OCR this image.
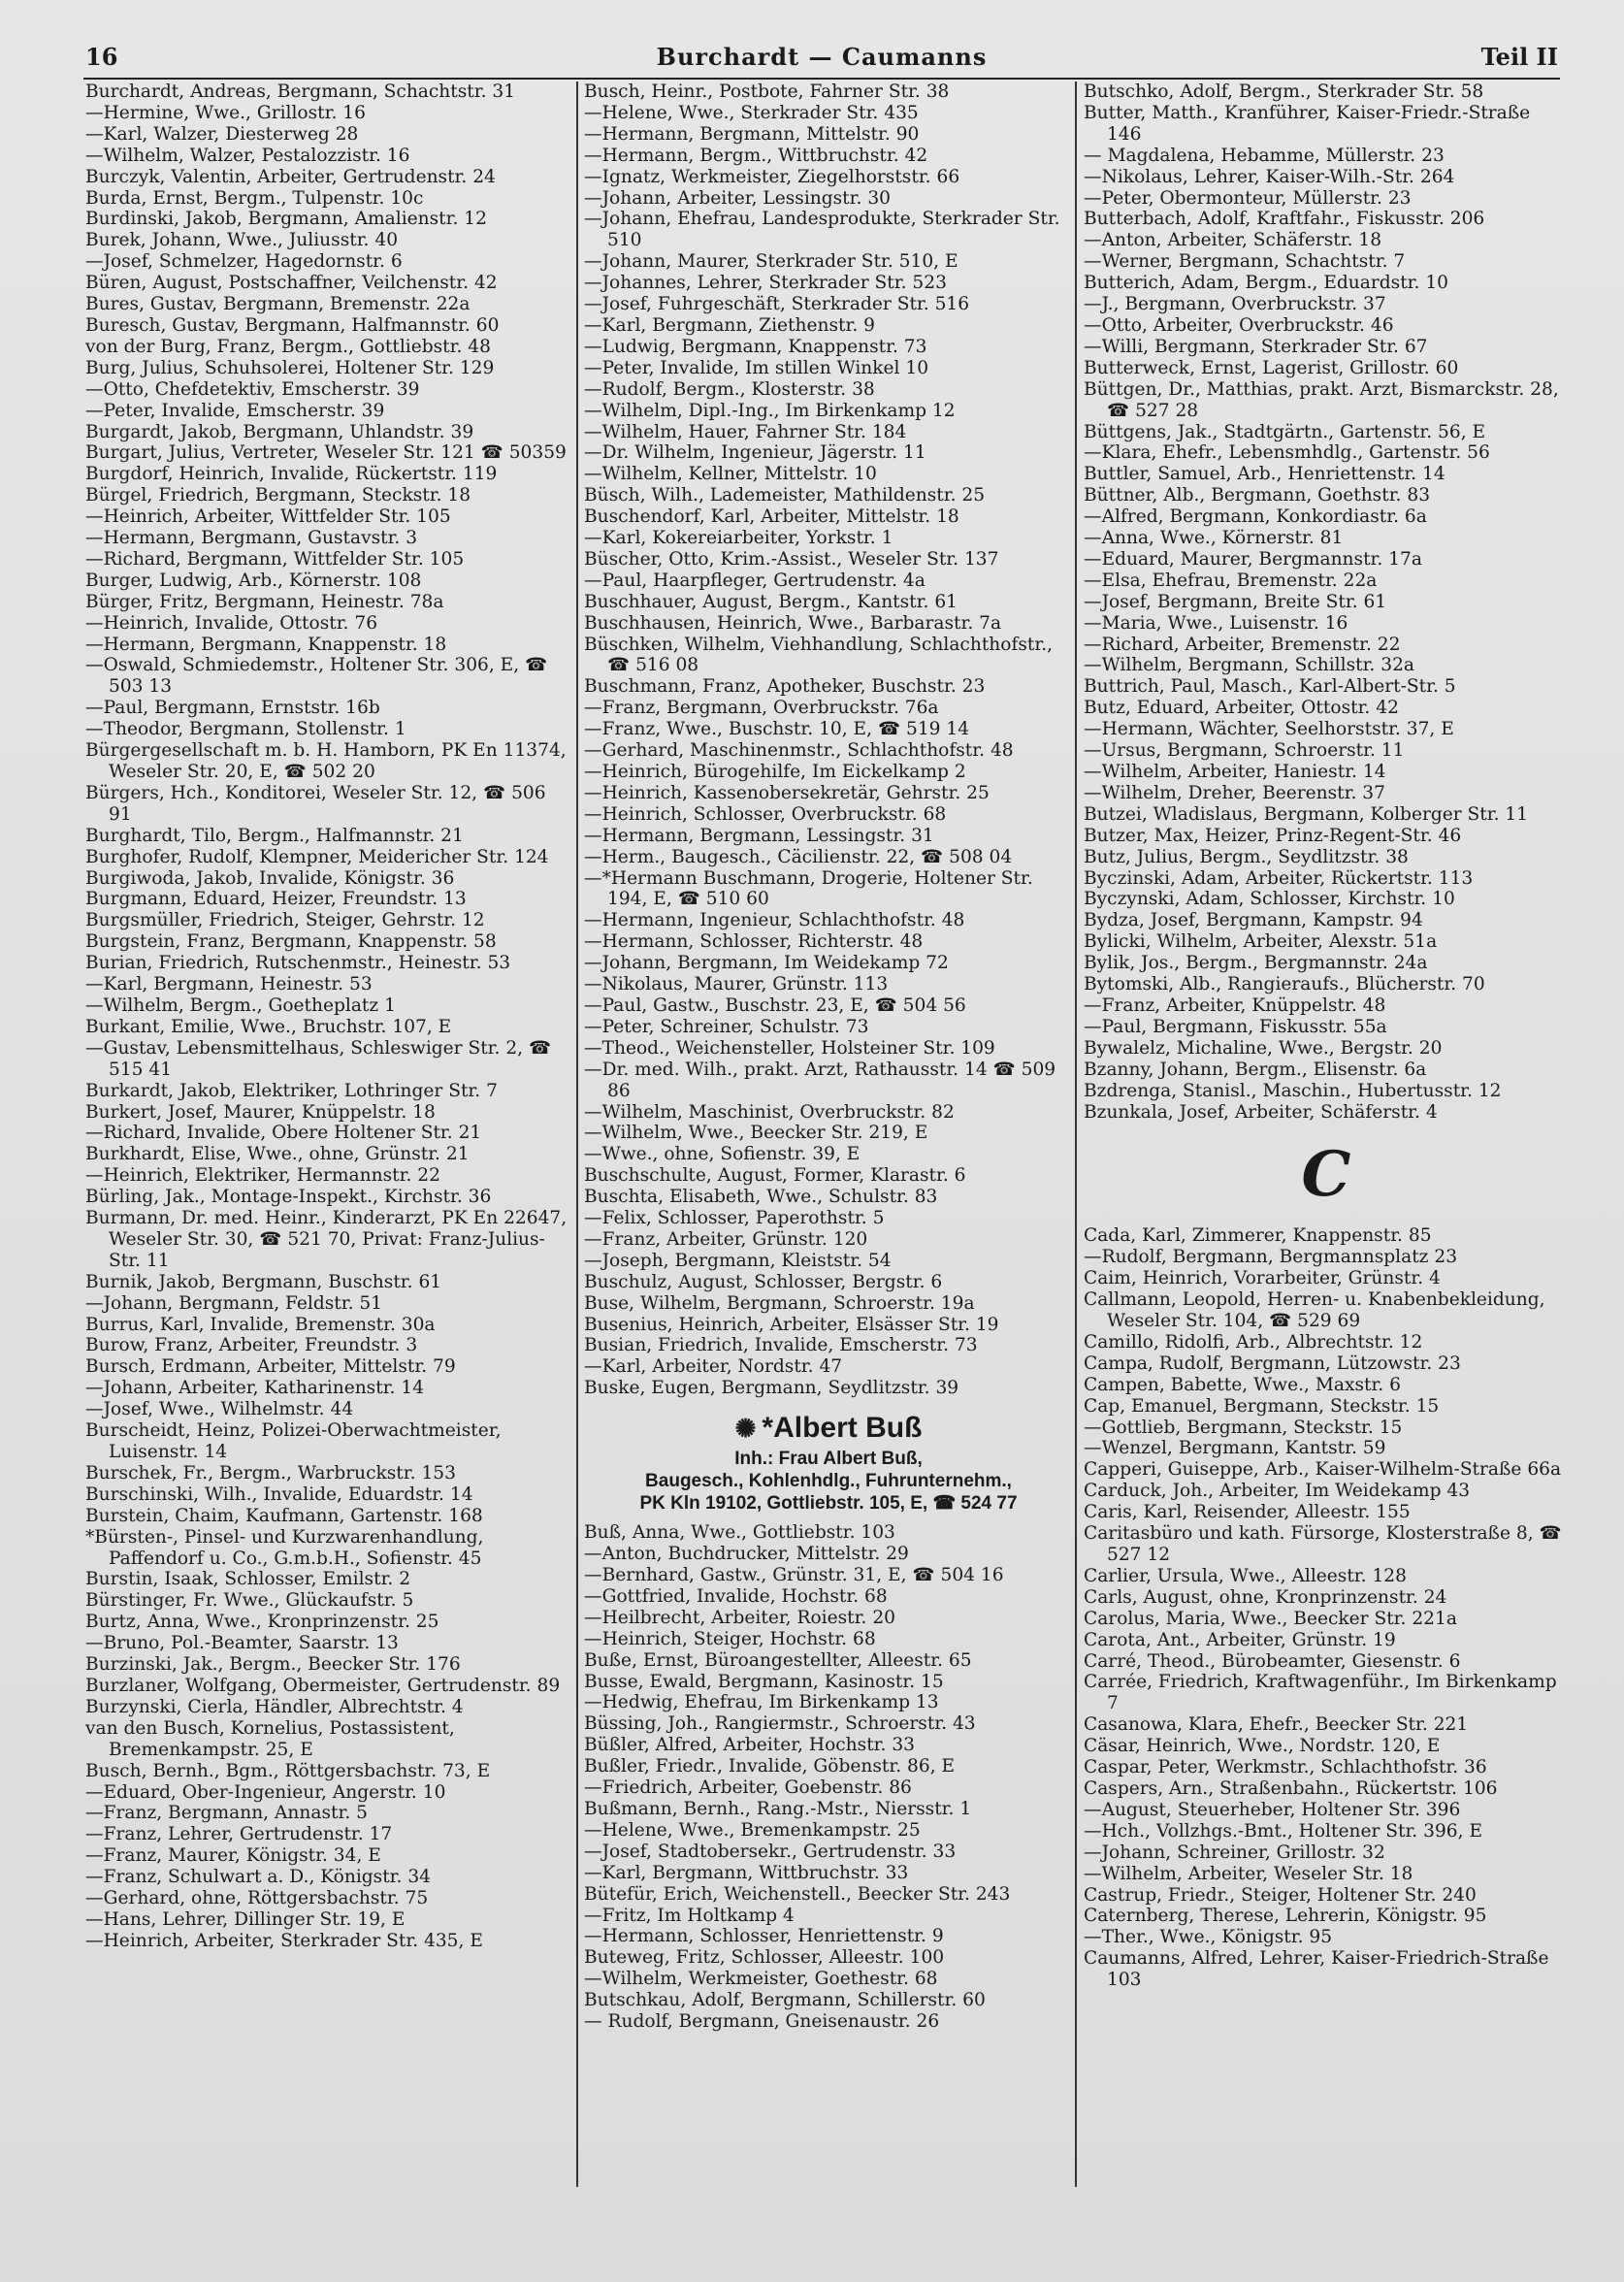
16	Burchardt — Caumanns	Teil II

Burchardt, Andreas, Bergmann, Schachtstr. 31

—Hermine, Wwe., Grillostr. 16

—Karl, Walzer, Diesterweg 28

—Wilhelm, Walzer, Pestalozzistr. 16

Burczyk, Valentin, Arbeiter, Gertrudenstr. 24

Burda, Ernst, Bergm., Tulpenstr. 10c

Burdinski, Jakob, Bergmann, Amalienstr. 12

Burek, Johann, Wwe., Juliusstr. 40

—Josef, Schmelzer, Hagedornstr. 6

Büren, August, Postschaffner, Veilchenstr. 42

Bures, Gustav, Bergmann, Bremenstr. 22a

Buresch, Gustav, Bergmann, Halfmannstr. 60

von der Burg, Franz, Bergm., Gottliebstr. 48

Burg, Julius, Schuhsolerei, Holtener Str. 129

—Otto, Chefdetektiv, Emscherstr. 39

—Peter, Invalide, Emscherstr. 39

Burgardt, Jakob, Bergmann, Uhlandstr. 39

Burgart, Julius, Vertreter, Weseler Str. 121 ☎ 50359

Burgdorf, Heinrich, Invalide, Rückertstr. 119

Bürgel, Friedrich, Bergmann, Steckstr. 18

—Heinrich, Arbeiter, Wittfelder Str. 105

—Hermann, Bergmann, Gustavstr. 3

—Richard, Bergmann, Wittfelder Str. 105

Burger, Ludwig, Arb., Körnerstr. 108

Bürger, Fritz, Bergmann, Heinestr. 78a

—Heinrich, Invalide, Ottostr. 76

—Hermann, Bergmann, Knappenstr. 18

—Oswald, Schmiedemstr., Holtener Str. 306, E, ☎ 503 13

—Paul, Bergmann, Ernststr. 16b

—Theodor, Bergmann, Stollenstr. 1

Bürgergesellschaft m. b. H. Hamborn, PK En 11374, Weseler Str. 20, E, ☎ 502 20

Bürgers, Hch., Konditorei, Weseler Str. 12, ☎ 506 91

Burghardt, Tilo, Bergm., Halfmannstr. 21

Burghofer, Rudolf, Klempner, Meidericher Str. 124

Burgiwoda, Jakob, Invalide, Königstr. 36

Burgmann, Eduard, Heizer, Freundstr. 13

Burgsmüller, Friedrich, Steiger, Gehrstr. 12

Burgstein, Franz, Bergmann, Knappenstr. 58

Burian, Friedrich, Rutschenmstr., Heinestr. 53

—Karl, Bergmann, Heinestr. 53

—Wilhelm, Bergm., Goetheplatz 1

Burkant, Emilie, Wwe., Bruchstr. 107, E

—Gustav, Lebensmittelhaus, Schleswiger Str. 2, ☎ 515 41

Burkardt, Jakob, Elektriker, Lothringer Str. 7

Burkert, Josef, Maurer, Knüppelstr. 18

—Richard, Invalide, Obere Holtener Str. 21

Burkhardt, Elise, Wwe., ohne, Grünstr. 21

—Heinrich, Elektriker, Hermannstr. 22

Bürling, Jak., Montage-Inspekt., Kirchstr. 36

Burmann, Dr. med. Heinr., Kinderarzt, PK En 22647, Weseler Str. 30, ☎ 521 70, Privat: Franz-Julius-Str. 11

Burnik, Jakob, Bergmann, Buschstr. 61

—Johann, Bergmann, Feldstr. 51

Burrus, Karl, Invalide, Bremenstr. 30a

Burow, Franz, Arbeiter, Freundstr. 3

Bursch, Erdmann, Arbeiter, Mittelstr. 79

—Johann, Arbeiter, Katharinenstr. 14

—Josef, Wwe., Wilhelmstr. 44

Burscheidt, Heinz, Polizei-Oberwachtmeister, Luisenstr. 14

Burschek, Fr., Bergm., Warbruckstr. 153

Burschinski, Wilh., Invalide, Eduardstr. 14

Burstein, Chaim, Kaufmann, Gartenstr. 168

*Bürsten-, Pinsel- und Kurzwarenhandlung, Paffendorf u. Co., G.m.b.H., Sofienstr. 45

Burstin, Isaak, Schlosser, Emilstr. 2

Bürstinger, Fr. Wwe., Glückaufstr. 5

Burtz, Anna, Wwe., Kronprinzenstr. 25

—Bruno, Pol.-Beamter, Saarstr. 13

Burzinski, Jak., Bergm., Beecker Str. 176

Burzlaner, Wolfgang, Obermeister, Gertrudenstr. 89

Burzynski, Cierla, Händler, Albrechtstr. 4

van den Busch, Kornelius, Postassistent, Bremenkampstr. 25, E

Busch, Bernh., Bgm., Röttgersbachstr. 73, E

—Eduard, Ober-Ingenieur, Angerstr. 10

—Franz, Bergmann, Annastr. 5

—Franz, Lehrer, Gertrudenstr. 17

—Franz, Maurer, Königstr. 34, E

—Franz, Schulwart a. D., Königstr. 34

—Gerhard, ohne, Röttgersbachstr. 75

—Hans, Lehrer, Dillinger Str. 19, E

—Heinrich, Arbeiter, Sterkrader Str. 435, E

Busch, Heinr., Postbote, Fahrner Str. 38

—Helene, Wwe., Sterkrader Str. 435

—Hermann, Bergmann, Mittelstr. 90

—Hermann, Bergm., Wittbruchstr. 42

—Ignatz, Werkmeister, Ziegelhorststr. 66

—Johann, Arbeiter, Lessingstr. 30

—Johann, Ehefrau, Landesprodukte, Sterkrader Str. 510

—Johann, Maurer, Sterkrader Str. 510, E

—Johannes, Lehrer, Sterkrader Str. 523

—Josef, Fuhrgeschäft, Sterkrader Str. 516

—Karl, Bergmann, Ziethenstr. 9

—Ludwig, Bergmann, Knappenstr. 73

—Peter, Invalide, Im stillen Winkel 10

—Rudolf, Bergm., Klosterstr. 38

—Wilhelm, Dipl.-Ing., Im Birkenkamp 12

—Wilhelm, Hauer, Fahrner Str. 184

—Dr. Wilhelm, Ingenieur, Jägerstr. 11

—Wilhelm, Kellner, Mittelstr. 10

Büsch, Wilh., Lademeister, Mathildenstr. 25

Buschendorf, Karl, Arbeiter, Mittelstr. 18

—Karl, Kokereiarbeiter, Yorkstr. 1

Büscher, Otto, Krim.-Assist., Weseler Str. 137

—Paul, Haarpfleger, Gertrudenstr. 4a

Buschhauer, August, Bergm., Kantstr. 61

Buschhausen, Heinrich, Wwe., Barbarastr. 7a

Büschken, Wilhelm, Viehhandlung, Schlachthofstr., ☎ 516 08

Buschmann, Franz, Apotheker, Buschstr. 23

—Franz, Bergmann, Overbruckstr. 76a

—Franz, Wwe., Buschstr. 10, E, ☎ 519 14

—Gerhard, Maschinenmstr., Schlachthofstr. 48

—Heinrich, Bürogehilfe, Im Eickelkamp 2

—Heinrich, Kassenobersekretär, Gehrstr. 25

—Heinrich, Schlosser, Overbruckstr. 68

—Hermann, Bergmann, Lessingstr. 31

—Herm., Baugesch., Cäcilienstr. 22, ☎ 508 04

—*Hermann Buschmann, Drogerie, Holtener Str. 194, E, ☎ 510 60

—Hermann, Ingenieur, Schlachthofstr. 48

—Hermann, Schlosser, Richterstr. 48

—Johann, Bergmann, Im Weidekamp 72

—Nikolaus, Maurer, Grünstr. 113

—Paul, Gastw., Buschstr. 23, E, ☎ 504 56

—Peter, Schreiner, Schulstr. 73

—Theod., Weichensteller, Holsteiner Str. 109

—Dr. med. Wilh., prakt. Arzt, Rathausstr. 14 ☎ 509 86

—Wilhelm, Maschinist, Overbruckstr. 82

—Wilhelm, Wwe., Beecker Str. 219, E

—Wwe., ohne, Sofienstr. 39, E

Buschschulte, August, Former, Klarastr. 6

Buschta, Elisabeth, Wwe., Schulstr. 83

—Felix, Schlosser, Paperothstr. 5

—Franz, Arbeiter, Grünstr. 120

—Joseph, Bergmann, Kleiststr. 54

Buschulz, August, Schlosser, Bergstr. 6

Buse, Wilhelm, Bergmann, Schroerstr. 19a

Busenius, Heinrich, Arbeiter, Elsässer Str. 19

Busian, Friedrich, Invalide, Emscherstr. 73

—Karl, Arbeiter, Nordstr. 47

Buske, Eugen, Bergmann, Seydlitzstr. 39

✺ *Albert Buß
Inh.: Frau Albert Buß,
Baugesch., Kohlenhdlg., Fuhrunternehm.,
PK Kln 19102, Gottliebstr. 105, E, ☎ 524 77

Buß, Anna, Wwe., Gottliebstr. 103

—Anton, Buchdrucker, Mittelstr. 29

—Bernhard, Gastw., Grünstr. 31, E, ☎ 504 16

—Gottfried, Invalide, Hochstr. 68

—Heilbrecht, Arbeiter, Roiestr. 20

—Heinrich, Steiger, Hochstr. 68

Buße, Ernst, Büroangestellter, Alleestr. 65

Busse, Ewald, Bergmann, Kasinostr. 15

—Hedwig, Ehefrau, Im Birkenkamp 13

Büssing, Joh., Rangiermstr., Schroerstr. 43

Büßler, Alfred, Arbeiter, Hochstr. 33

Bußler, Friedr., Invalide, Göbenstr. 86, E

—Friedrich, Arbeiter, Goebenstr. 86

Bußmann, Bernh., Rang.-Mstr., Niersstr. 1

—Helene, Wwe., Bremenkampstr. 25

—Josef, Stadtobersekr., Gertrudenstr. 33

—Karl, Bergmann, Wittbruchstr. 33

Bütefür, Erich, Weichenstell., Beecker Str. 243

—Fritz, Im Holtkamp 4

—Hermann, Schlosser, Henriettenstr. 9

Buteweg, Fritz, Schlosser, Alleestr. 100

—Wilhelm, Werkmeister, Goethestr. 68

Butschkau, Adolf, Bergmann, Schillerstr. 60

— Rudolf, Bergmann, Gneisenaustr. 26

Butschko, Adolf, Bergm., Sterkrader Str. 58

Butter, Matth., Kranführer, Kaiser-Friedr.-Straße 146

— Magdalena, Hebamme, Müllerstr. 23

—Nikolaus, Lehrer, Kaiser-Wilh.-Str. 264

—Peter, Obermonteur, Müllerstr. 23

Butterbach, Adolf, Kraftfahr., Fiskusstr. 206

—Anton, Arbeiter, Schäferstr. 18

—Werner, Bergmann, Schachtstr. 7

Butterich, Adam, Bergm., Eduardstr. 10

—J., Bergmann, Overbruckstr. 37

—Otto, Arbeiter, Overbruckstr. 46

—Willi, Bergmann, Sterkrader Str. 67

Butterweck, Ernst, Lagerist, Grillostr. 60

Büttgen, Dr., Matthias, prakt. Arzt, Bismarckstr. 28, ☎ 527 28

Büttgens, Jak., Stadtgärtn., Gartenstr. 56, E

—Klara, Ehefr., Lebensmhdlg., Gartenstr. 56

Buttler, Samuel, Arb., Henriettenstr. 14

Büttner, Alb., Bergmann, Goethstr. 83

—Alfred, Bergmann, Konkordiastr. 6a

—Anna, Wwe., Körnerstr. 81

—Eduard, Maurer, Bergmannstr. 17a

—Elsa, Ehefrau, Bremenstr. 22a

—Josef, Bergmann, Breite Str. 61

—Maria, Wwe., Luisenstr. 16

—Richard, Arbeiter, Bremenstr. 22

—Wilhelm, Bergmann, Schillstr. 32a

Buttrich, Paul, Masch., Karl-Albert-Str. 5

Butz, Eduard, Arbeiter, Ottostr. 42

—Hermann, Wächter, Seelhorststr. 37, E

—Ursus, Bergmann, Schroerstr. 11

—Wilhelm, Arbeiter, Haniestr. 14

—Wilhelm, Dreher, Beerenstr. 37

Butzei, Wladislaus, Bergmann, Kolberger Str. 11

Butzer, Max, Heizer, Prinz-Regent-Str. 46

Butz, Julius, Bergm., Seydlitzstr. 38

Byczinski, Adam, Arbeiter, Rückertstr. 113

Byczynski, Adam, Schlosser, Kirchstr. 10

Bydza, Josef, Bergmann, Kampstr. 94

Bylicki, Wilhelm, Arbeiter, Alexstr. 51a

Bylik, Jos., Bergm., Bergmannstr. 24a

Bytomski, Alb., Rangieraufs., Blücherstr. 70

—Franz, Arbeiter, Knüppelstr. 48

—Paul, Bergmann, Fiskusstr. 55a

Bywalelz, Michaline, Wwe., Bergstr. 20

Bzanny, Johann, Bergm., Elisenstr. 6a

Bzdrenga, Stanisl., Maschin., Hubertusstr. 12

Bzunkala, Josef, Arbeiter, Schäferstr. 4

C

Cada, Karl, Zimmerer, Knappenstr. 85

—Rudolf, Bergmann, Bergmannsplatz 23

Caim, Heinrich, Vorarbeiter, Grünstr. 4

Callmann, Leopold, Herren- u. Knabenbekleidung, Weseler Str. 104, ☎ 529 69

Camillo, Ridolfi, Arb., Albrechtstr. 12

Campa, Rudolf, Bergmann, Lützowstr. 23

Campen, Babette, Wwe., Maxstr. 6

Cap, Emanuel, Bergmann, Steckstr. 15

—Gottlieb, Bergmann, Steckstr. 15

—Wenzel, Bergmann, Kantstr. 59

Capperi, Guiseppe, Arb., Kaiser-Wilhelm-Straße 66a

Carduck, Joh., Arbeiter, Im Weidekamp 43

Caris, Karl, Reisender, Alleestr. 155

Caritasbüro und kath. Fürsorge, Klosterstraße 8, ☎ 527 12

Carlier, Ursula, Wwe., Alleestr. 128

Carls, August, ohne, Kronprinzenstr. 24

Carolus, Maria, Wwe., Beecker Str. 221a

Carota, Ant., Arbeiter, Grünstr. 19

Carré, Theod., Bürobeamter, Giesenstr. 6

Carrée, Friedrich, Kraftwagenführ., Im Birkenkamp 7

Casanowa, Klara, Ehefr., Beecker Str. 221

Cäsar, Heinrich, Wwe., Nordstr. 120, E

Caspar, Peter, Werkmstr., Schlachthofstr. 36

Caspers, Arn., Straßenbahn., Rückertstr. 106

—August, Steuerheber, Holtener Str. 396

—Hch., Vollzhgs.-Bmt., Holtener Str. 396, E

—Johann, Schreiner, Grillostr. 32

—Wilhelm, Arbeiter, Weseler Str. 18

Castrup, Friedr., Steiger, Holtener Str. 240

Caternberg, Therese, Lehrerin, Königstr. 95

—Ther., Wwe., Königstr. 95

Caumanns, Alfred, Lehrer, Kaiser-Friedrich-Straße 103
